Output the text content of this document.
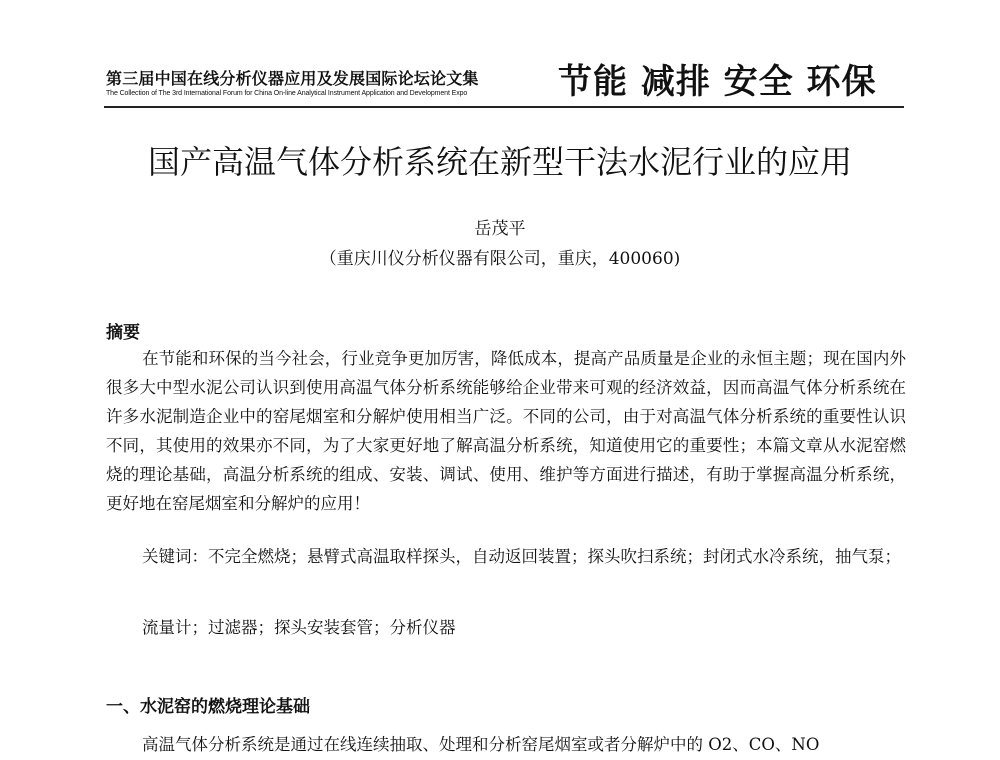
第三届中国在线分析仪器应用及发展国际论坛论文集
The Collection of The 3rd International Forum for China On-line Analytical Instrument Application and Development Expo	节能 减排 安全 环保
国产高温气体分析系统在新型干法水泥行业的应用
岳茂平
（重庆川仪分析仪器有限公司，重庆，400060)
摘要

在节能和环保的当今社会，行业竞争更加厉害，降低成本，提高产品质量是企业的永恒主题；现在国内外很多大中型水泥公司认识到使用高温气体分析系统能够给企业带来可观的经济效益，因而高温气体分析系统在许多水泥制造企业中的窑尾烟室和分解炉使用相当广泛。不同的公司，由于对高温气体分析系统的重要性认识不同，其使用的效果亦不同，为了大家更好地了解高温分析系统，知道使用它的重要性；本篇文章从水泥窑燃烧的理论基础，高温分析系统的组成、安装、调试、使用、维护等方面进行描述，有助于掌握高温分析系统，更好地在窑尾烟室和分解炉的应用！

关键词：不完全燃烧；悬臂式高温取样探头，自动返回装置；探头吹扫系统；封闭式水冷系统，抽气泵；

流量计；过滤器；探头安装套管；分析仪器

一、水泥窑的燃烧理论基础
高温气体分析系统是通过在线连续抽取、处理和分析窑尾烟室或者分解炉中的 O2、CO、NO
